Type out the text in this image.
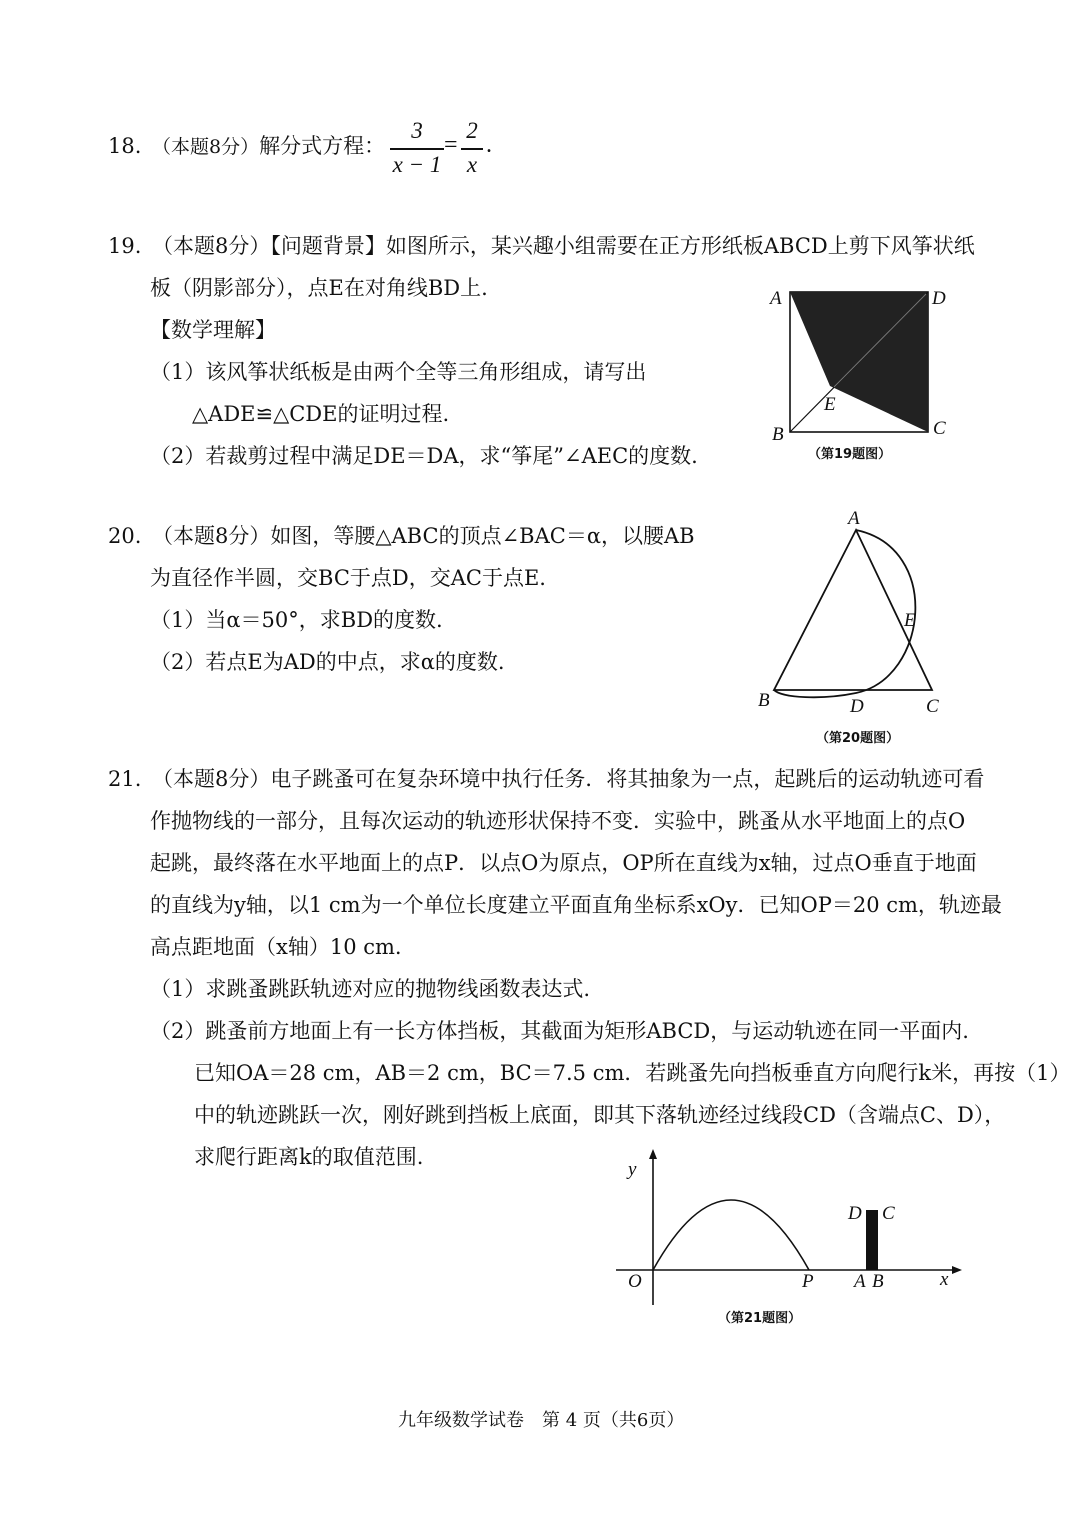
18. （本题8分）解分式方程：
3
x − 1
=
2
x
.
19. （本题8分）【问题背景】如图所示，某兴趣小组需要在正方形纸板ABCD上剪下风筝状纸
板（阴影部分），点E在对角线BD上.
【数学理解】
（1）该风筝状纸板是由两个全等三角形组成，请写出
△ADE≌△CDE的证明过程.
（2）若裁剪过程中满足DE＝DA，求“筝尾”∠AEC的度数.
A	D
B	C
E
（第19题图）
20. （本题8分）如图，等腰△ABC的顶点∠BAC＝α，以腰AB
为直径作半圆，交BC于点D，交AC于点E.
（1）当α＝50°，求BD的度数.
（2）若点E为AD的中点，求α的度数.
A
B	C
D
E
（第20题图）
21. （本题8分）电子跳蚤可在复杂环境中执行任务．将其抽象为一点，起跳后的运动轨迹可看
作抛物线的一部分，且每次运动的轨迹形状保持不变．实验中，跳蚤从水平地面上的点O
起跳，最终落在水平地面上的点P．以点O为原点，OP所在直线为x轴，过点O垂直于地面
的直线为y轴，以1 cm为一个单位长度建立平面直角坐标系xOy．已知OP＝20 cm，轨迹最
高点距地面（x轴）10 cm.
（1）求跳蚤跳跃轨迹对应的抛物线函数表达式.
（2）跳蚤前方地面上有一长方体挡板，其截面为矩形ABCD，与运动轨迹在同一平面内.
已知OA＝28 cm，AB＝2 cm，BC＝7.5 cm．若跳蚤先向挡板垂直方向爬行k米，再按（1）
中的轨迹跳跃一次，刚好跳到挡板上底面，即其下落轨迹经过线段CD（含端点C、D），
求爬行距离k的取值范围.
y
O	P A B
D C
x
（第21题图）
九年级数学试卷　第 4 页（共6页）
